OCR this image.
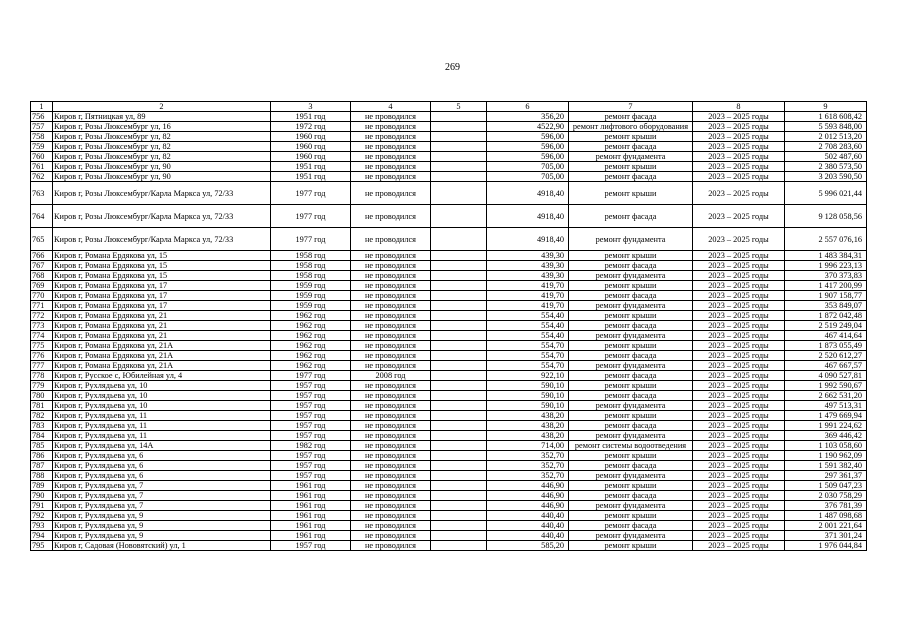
269
1	2	3	4	5	6	7	8	9
756	Киров г, Пятницкая ул, 89	1951 год	не проводился		356,20	ремонт фасада	2023 – 2025 годы	1 618 608,42
757	Киров г, Розы Люксембург ул, 16	1972 год	не проводился		4522,90	ремонт лифтового оборудования	2023 – 2025 годы	5 593 848,00
758	Киров г, Розы Люксембург ул, 82	1960 год	не проводился		596,00	ремонт крыши	2023 – 2025 годы	2 012 513,20
759	Киров г, Розы Люксембург ул, 82	1960 год	не проводился		596,00	ремонт фасада	2023 – 2025 годы	2 708 283,60
760	Киров г, Розы Люксембург ул, 82	1960 год	не проводился		596,00	ремонт фундамента	2023 – 2025 годы	502 487,60
761	Киров г, Розы Люксембург ул, 90	1951 год	не проводился		705,00	ремонт крыши	2023 – 2025 годы	2 380 573,50
762	Киров г, Розы Люксембург ул, 90	1951 год	не проводился		705,00	ремонт фасада	2023 – 2025 годы	3 203 590,50
763	Киров г, Розы Люксембург/Карла Маркса ул, 72/33	1977 год	не проводился		4918,40	ремонт крыши	2023 – 2025 годы	5 996 021,44
764	Киров г, Розы Люксембург/Карла Маркса ул, 72/33	1977 год	не проводился		4918,40	ремонт фасада	2023 – 2025 годы	9 128 058,56
765	Киров г, Розы Люксембург/Карла Маркса ул, 72/33	1977 год	не проводился		4918,40	ремонт фундамента	2023 – 2025 годы	2 557 076,16
766	Киров г, Романа Ердякова ул, 15	1958 год	не проводился		439,30	ремонт крыши	2023 – 2025 годы	1 483 384,31
767	Киров г, Романа Ердякова ул, 15	1958 год	не проводился		439,30	ремонт фасада	2023 – 2025 годы	1 996 223,13
768	Киров г, Романа Ердякова ул, 15	1958 год	не проводился		439,30	ремонт фундамента	2023 – 2025 годы	370 373,83
769	Киров г, Романа Ердякова ул, 17	1959 год	не проводился		419,70	ремонт крыши	2023 – 2025 годы	1 417 200,99
770	Киров г, Романа Ердякова ул, 17	1959 год	не проводился		419,70	ремонт фасада	2023 – 2025 годы	1 907 158,77
771	Киров г, Романа Ердякова ул, 17	1959 год	не проводился		419,70	ремонт фундамента	2023 – 2025 годы	353 849,07
772	Киров г, Романа Ердякова ул, 21	1962 год	не проводился		554,40	ремонт крыши	2023 – 2025 годы	1 872 042,48
773	Киров г, Романа Ердякова ул, 21	1962 год	не проводился		554,40	ремонт фасада	2023 – 2025 годы	2 519 249,04
774	Киров г, Романа Ердякова ул, 21	1962 год	не проводился		554,40	ремонт фундамента	2023 – 2025 годы	467 414,64
775	Киров г, Романа Ердякова ул, 21А	1962 год	не проводился		554,70	ремонт крыши	2023 – 2025 годы	1 873 055,49
776	Киров г, Романа Ердякова ул, 21А	1962 год	не проводился		554,70	ремонт фасада	2023 – 2025 годы	2 520 612,27
777	Киров г, Романа Ердякова ул, 21А	1962 год	не проводился		554,70	ремонт фундамента	2023 – 2025 годы	467 667,57
778	Киров г, Русское с, Юбилейная ул, 4	1977 год	2008 год		922,10	ремонт фасада	2023 – 2025 годы	4 090 527,81
779	Киров г, Рухлядьева ул, 10	1957 год	не проводился		590,10	ремонт крыши	2023 – 2025 годы	1 992 590,67
780	Киров г, Рухлядьева ул, 10	1957 год	не проводился		590,10	ремонт фасада	2023 – 2025 годы	2 662 531,20
781	Киров г, Рухлядьева ул, 10	1957 год	не проводился		590,10	ремонт фундамента	2023 – 2025 годы	497 513,31
782	Киров г, Рухлядьева ул, 11	1957 год	не проводился		438,20	ремонт крыши	2023 – 2025 годы	1 479 669,94
783	Киров г, Рухлядьева ул, 11	1957 год	не проводился		438,20	ремонт фасада	2023 – 2025 годы	1 991 224,62
784	Киров г, Рухлядьева ул, 11	1957 год	не проводился		438,20	ремонт фундамента	2023 – 2025 годы	369 446,42
785	Киров г, Рухлядьева ул, 14А	1982 год	не проводился		714,00	ремонт системы водоотведения	2023 – 2025 годы	1 103 058,60
786	Киров г, Рухлядьева ул, 6	1957 год	не проводился		352,70	ремонт крыши	2023 – 2025 годы	1 190 962,09
787	Киров г, Рухлядьева ул, 6	1957 год	не проводился		352,70	ремонт фасада	2023 – 2025 годы	1 591 382,40
788	Киров г, Рухлядьева ул, 6	1957 год	не проводился		352,70	ремонт фундамента	2023 – 2025 годы	297 361,37
789	Киров г, Рухлядьева ул, 7	1961 год	не проводился		446,90	ремонт крыши	2023 – 2025 годы	1 509 047,23
790	Киров г, Рухлядьева ул, 7	1961 год	не проводился		446,90	ремонт фасада	2023 – 2025 годы	2 030 758,29
791	Киров г, Рухлядьева ул, 7	1961 год	не проводился		446,90	ремонт фундамента	2023 – 2025 годы	376 781,39
792	Киров г, Рухлядьева ул, 9	1961 год	не проводился		440,40	ремонт крыши	2023 – 2025 годы	1 487 098,68
793	Киров г, Рухлядьева ул, 9	1961 год	не проводился		440,40	ремонт фасада	2023 – 2025 годы	2 001 221,64
794	Киров г, Рухлядьева ул, 9	1961 год	не проводился		440,40	ремонт фундамента	2023 – 2025 годы	371 301,24
795	Киров г, Садовая (Нововятский) ул, 1	1957 год	не проводился		585,20	ремонт крыши	2023 – 2025 годы	1 976 044,84
